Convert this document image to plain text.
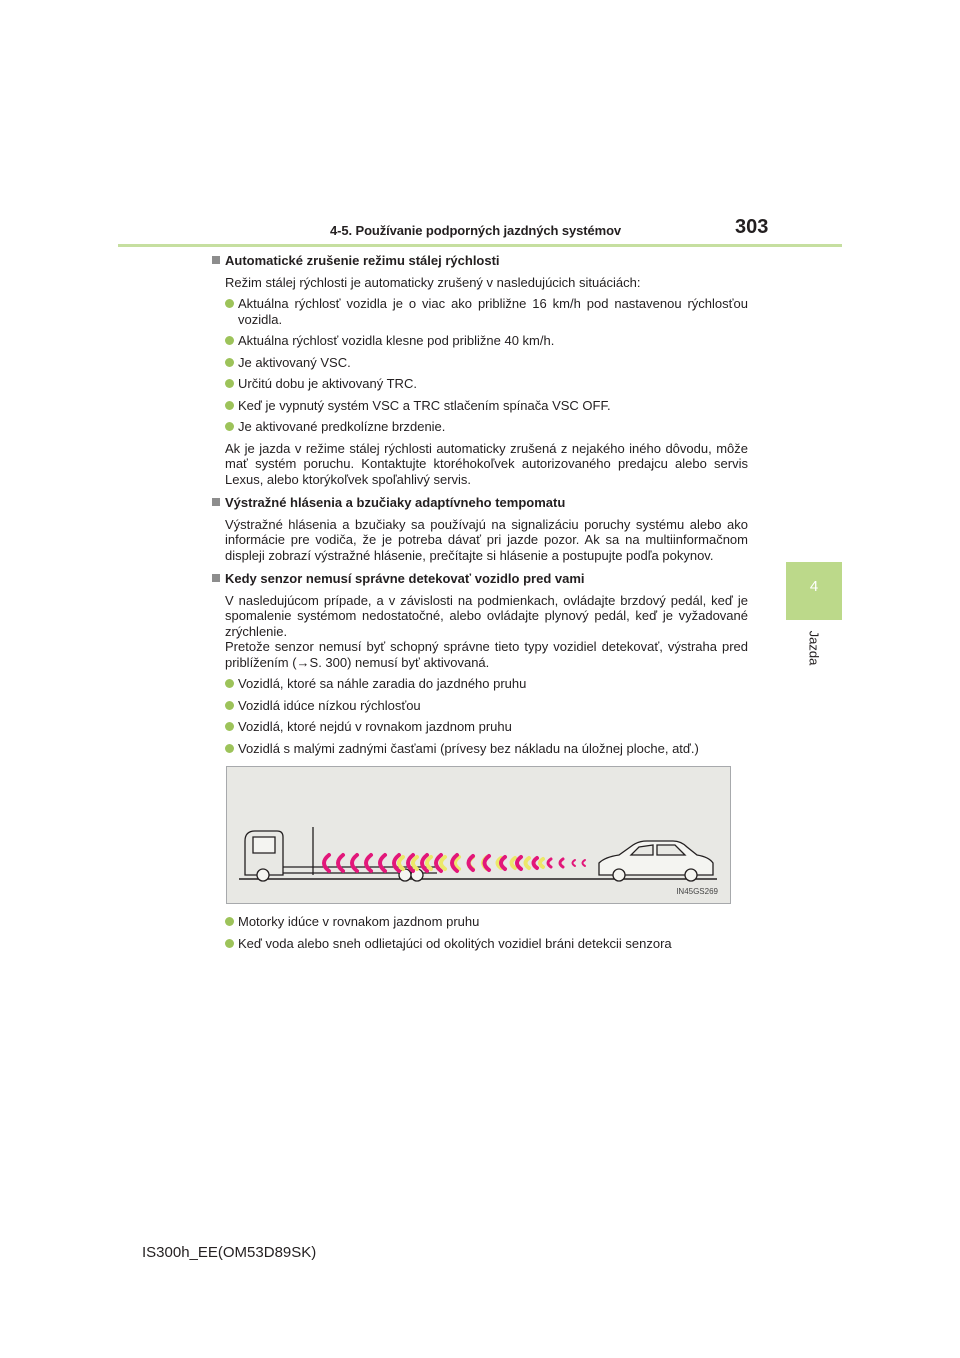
4-5. Používanie podporných jazdných systémov	303
4
Jazda
Automatické zrušenie režimu stálej rýchlosti
Režim stálej rýchlosti je automaticky zrušený v nasledujúcich situáciách:
Aktuálna rýchlosť vozidla je o viac ako približne 16 km/h pod nastavenou rýchlosťou vozidla.
Aktuálna rýchlosť vozidla klesne pod približne 40 km/h.
Je aktivovaný VSC.
Určitú dobu je aktivovaný TRC.
Keď je vypnutý systém VSC a TRC stlačením spínača VSC OFF.
Je aktivované predkolízne brzdenie.
Ak je jazda v režime stálej rýchlosti automaticky zrušená z nejakého iného dôvodu, môže mať systém poruchu. Kontaktujte ktoréhokoľvek autorizovaného predajcu alebo servis Lexus, alebo ktorýkoľvek spoľahlivý servis.
Výstražné hlásenia a bzučiaky adaptívneho tempomatu
Výstražné hlásenia a bzučiaky sa používajú na signalizáciu poruchy systému alebo ako informácie pre vodiča, že je potreba dávať pri jazde pozor. Ak sa na multiinformačnom displeji zobrazí výstražné hlásenie, prečítajte si hlásenie a postupujte podľa pokynov.
Kedy senzor nemusí správne detekovať vozidlo pred vami
V nasledujúcom prípade, a v závislosti na podmienkach, ovládajte brzdový pedál, keď je spomalenie systémom nedostatočné, alebo ovládajte plynový pedál, keď je vyžadované zrýchlenie.
Pretože senzor nemusí byť schopný správne tieto typy vozidiel detekovať, výstraha pred priblížením (→S. 300) nemusí byť aktivovaná.
Vozidlá, ktoré sa náhle zaradia do jazdného pruhu
Vozidlá idúce nízkou rýchlosťou
Vozidlá, ktoré nejdú v rovnakom jazdnom pruhu
Vozidlá s malými zadnými časťami (prívesy bez nákladu na úložnej ploche, atď.)
IN45GS269
Motorky idúce v rovnakom jazdnom pruhu
Keď voda alebo sneh odlietajúci od okolitých vozidiel bráni detekcii senzora
IS300h_EE(OM53D89SK)
